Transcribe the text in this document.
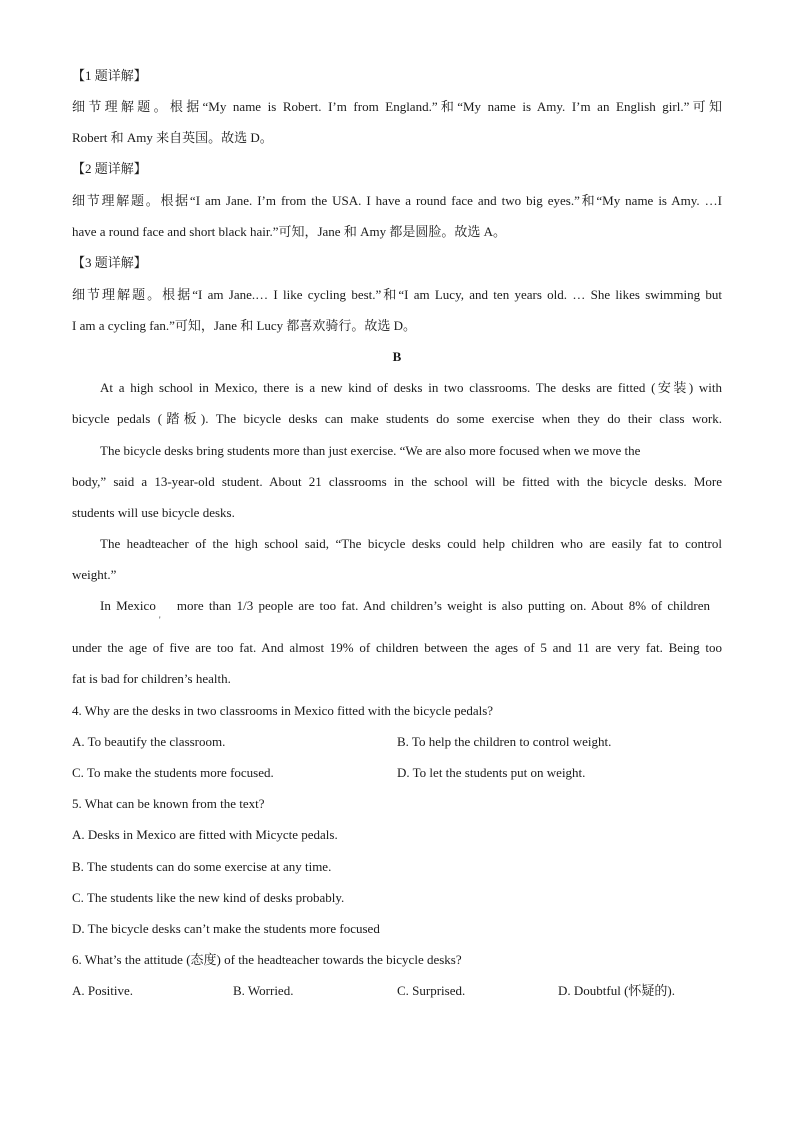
【1 题详解】
细节理解题。根据“My name is Robert. I’m from England.”和“My name is Amy. I’m an English girl.”可知
Robert 和 Amy 来自英国。故选 D。
【2 题详解】
细节理解题。根据“I am Jane. I’m from the USA. I have a round face and two big eyes.”和“My name is Amy. …I
have a round face and short black hair.”可知，Jane 和 Amy 都是圆脸。故选 A。
【3 题详解】
细节理解题。根据“I am Jane.… I like cycling best.”和“I am Lucy, and ten years old. … She likes swimming but
I am a cycling fan.”可知，Jane 和 Lucy 都喜欢骑行。故选 D。
B
At a high school in Mexico, there is a new kind of desks in two classrooms. The desks are fitted (安装) with
bicycle pedals (踏板). The bicycle desks can make students do some exercise when they do their class work.
The bicycle desks bring students more than just exercise. “We are also more focused when we move the
body,” said a 13-year-old student. About 21 classrooms in the school will be fitted with the bicycle desks. More
students will use bicycle desks.
The headteacher of the high school said, “The bicycle desks could help children who are easily fat to control
weight.”
In Mexico    more than 1/3 people are too fat. And children’s weight is also putting on. About 8% of children
'
under the age of five are too fat. And almost 19% of children between the ages of 5 and 11 are very fat. Being too
fat is bad for children’s health.
4. Why are the desks in two classrooms in Mexico fitted with the bicycle pedals?
A. To beautify the classroom.	B. To help the children to control weight.
C. To make the students more focused.	D. To let the students put on weight.
5. What can be known from the text?
A. Desks in Mexico are fitted with Micycte pedals.
B. The students can do some exercise at any time.
C. The students like the new kind of desks probably.
D. The bicycle desks can’t make the students more focused
6. What’s the attitude (态度) of the headteacher towards the bicycle desks?
A. Positive.	B. Worried.	C. Surprised.	D. Doubtful (怀疑的).
